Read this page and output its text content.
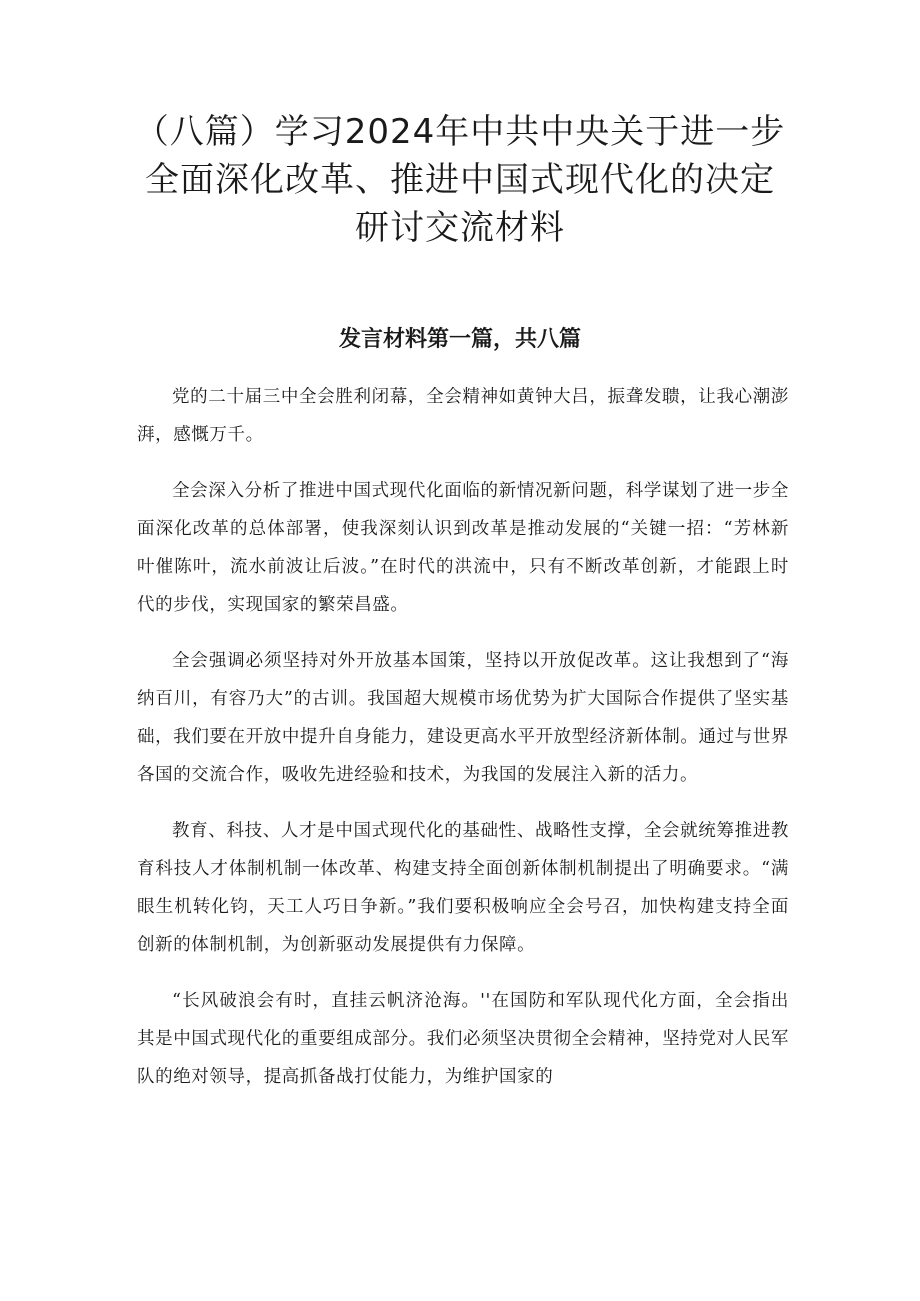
（八篇）学习2024年中共中央关于进一步
全面深化改革、推进中国式现代化的决定
研讨交流材料
发言材料第一篇，共八篇

党的二十届三中全会胜利闭幕，全会精神如黄钟大吕，振聋发聩，让我心潮澎湃，感慨万千。

全会深入分析了推进中国式现代化面临的新情况新问题，科学谋划了进一步全面深化改革的总体部署，使我深刻认识到改革是推动发展的“关键一招：“芳林新叶催陈叶，流水前波让后波。”在时代的洪流中，只有不断改革创新，才能跟上时代的步伐，实现国家的繁荣昌盛。

全会强调必须坚持对外开放基本国策，坚持以开放促改革。这让我想到了“海纳百川，有容乃大”的古训。我国超大规模市场优势为扩大国际合作提供了坚实基础，我们要在开放中提升自身能力，建设更高水平开放型经济新体制。通过与世界各国的交流合作，吸收先进经验和技术，为我国的发展注入新的活力。

教育、科技、人才是中国式现代化的基础性、战略性支撑，全会就统筹推进教育科技人才体制机制一体改革、构建支持全面创新体制机制提出了明确要求。“满眼生机转化钧，天工人巧日争新。”我们要积极响应全会号召，加快构建支持全面创新的体制机制，为创新驱动发展提供有力保障。

“长风破浪会有时，直挂云帆济沧海。''在国防和军队现代化方面，全会指出其是中国式现代化的重要组成部分。我们必须坚决贯彻全会精神，坚持党对人民军队的绝对领导，提高抓备战打仗能力，为维护国家的
